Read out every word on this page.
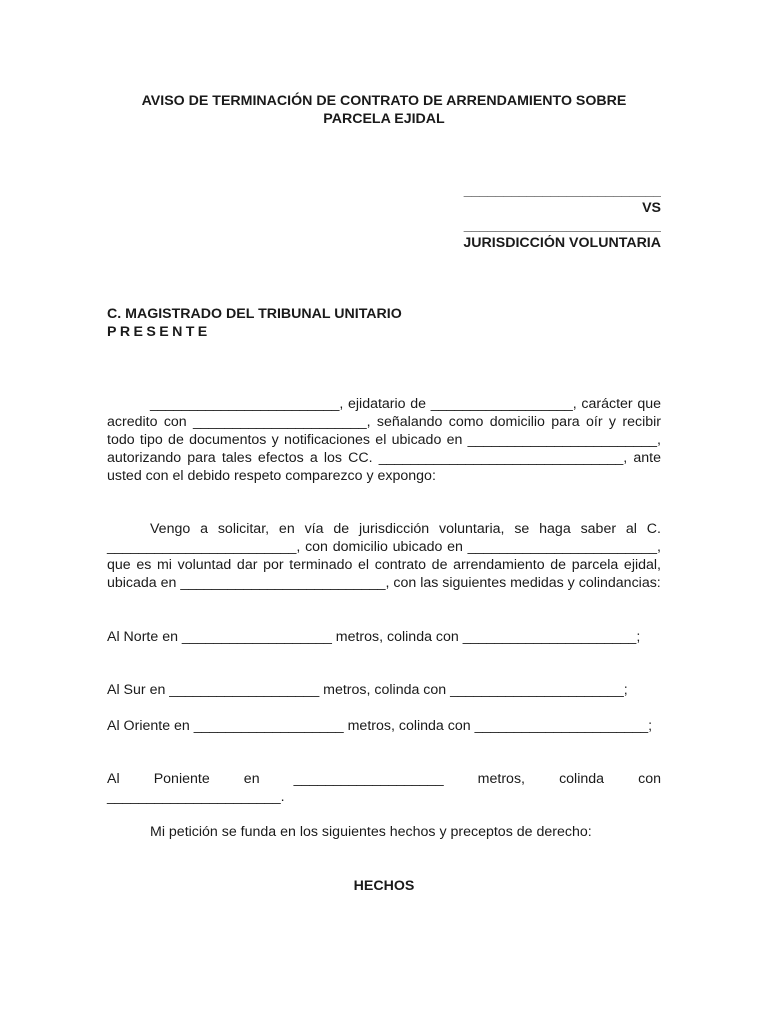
AVISO DE TERMINACIÓN DE CONTRATO DE ARRENDAMIENTO SOBRE
PARCELA EJIDAL
_________________________
VS
_________________________
JURISDICCIÓN VOLUNTARIA
C. MAGISTRADO DEL TRIBUNAL UNITARIO
PRESENTE

________________________, ejidatario de __________________, carácter que acredito con ______________________, señalando como domicilio para oír y recibir todo tipo de documentos y notificaciones el ubicado en ________________________, autorizando para tales efectos a los CC. _______________________________, ante usted con el debido respeto comparezco y expongo:

Vengo a solicitar, en vía de jurisdicción voluntaria, se haga saber al C. ________________________, con domicilio ubicado en ________________________, que es mi voluntad dar por terminado el contrato de arrendamiento de parcela ejidal, ubicada en __________________________, con las siguientes medidas y colindancias:

Al Norte en ___________________ metros, colinda con ______________________;

Al Sur en ___________________ metros, colinda con ______________________;

Al Oriente en ___________________ metros, colinda con ______________________;

Al Poniente en ___________________ metros, colinda con ______________________.

Mi petición se funda en los siguientes hechos y preceptos de derecho:

HECHOS
